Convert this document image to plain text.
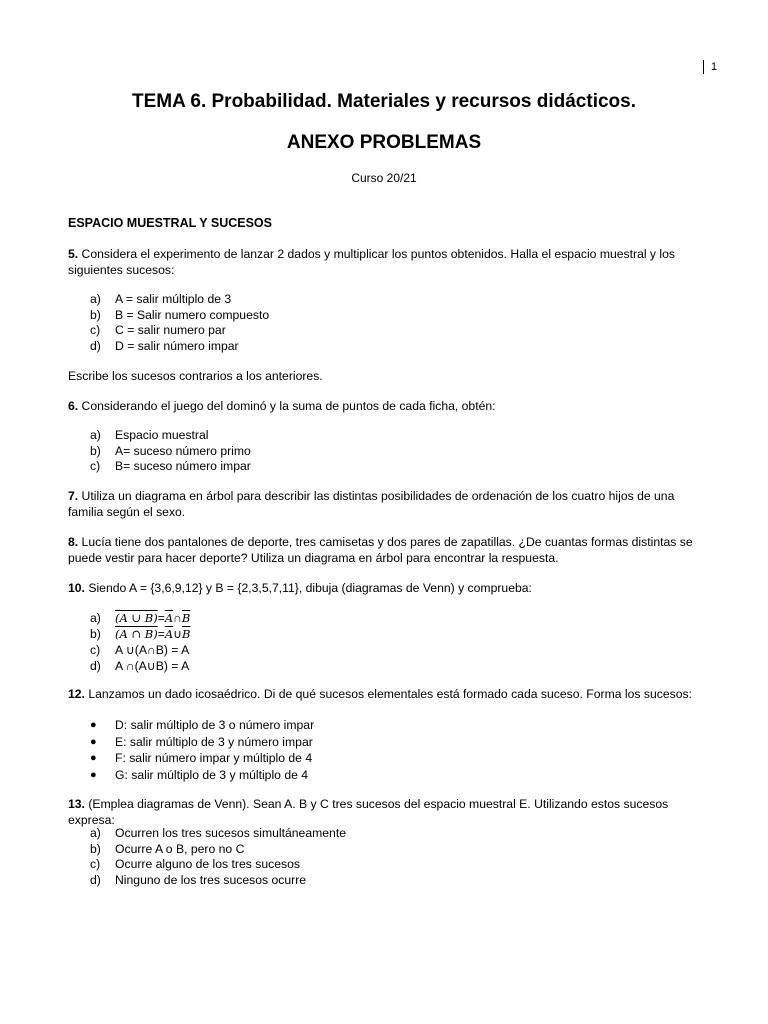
1
TEMA 6. Probabilidad. Materiales y recursos didácticos.
ANEXO PROBLEMAS
Curso 20/21
ESPACIO MUESTRAL Y SUCESOS
5. Considera el experimento de lanzar 2 dados y multiplicar los puntos obtenidos. Halla el espacio muestral y los siguientes sucesos:
a)	A = salir múltiplo de 3
b)	B = Salir numero compuesto
c)	C = salir numero par
d)	D = salir número impar
Escribe los sucesos contrarios a los anteriores.
6. Considerando el juego del dominó y la suma de puntos de cada ficha, obtén:
a)	Espacio muestral
b)	A= suceso número primo
c)	B= suceso número impar
7. Utiliza un diagrama en árbol para describir las distintas posibilidades de ordenación de los cuatro hijos de una familia según el sexo.
8. Lucía tiene dos pantalones de deporte, tres camisetas y dos pares de zapatillas. ¿De cuantas formas distintas se puede vestir para hacer deporte? Utiliza un diagrama en árbol para encontrar la respuesta.
10. Siendo A = {3,6,9,12} y B = {2,3,5,7,11}, dibuja (diagramas de Venn) y comprueba:
a)	(A ∪ $B) = \overline{A}$ ∩ $\overline{B}$
b)	(A ∩ $B) = \overline{A}$ ∪ $\overline{B}$
c)	A ∪(A∩B) = A
d)	A ∩(A∪B) = A
12. Lanzamos un dado icosaédrico. Di de qué sucesos elementales está formado cada suceso. Forma los sucesos:
●	D: salir múltiplo de 3 o número impar
●	E: salir múltiplo de 3 y número impar
●	F: salir número impar y múltiplo de 4
●	G: salir múltiplo de 3 y múltiplo de 4
13. (Emplea diagramas de Venn). Sean A. B y C tres sucesos del espacio muestral E. Utilizando estos sucesos expresa:
a)	Ocurren los tres sucesos simultáneamente
b)	Ocurre A o B, pero no C
c)	Ocurre alguno de los tres sucesos
d)	Ninguno de los tres sucesos ocurre
